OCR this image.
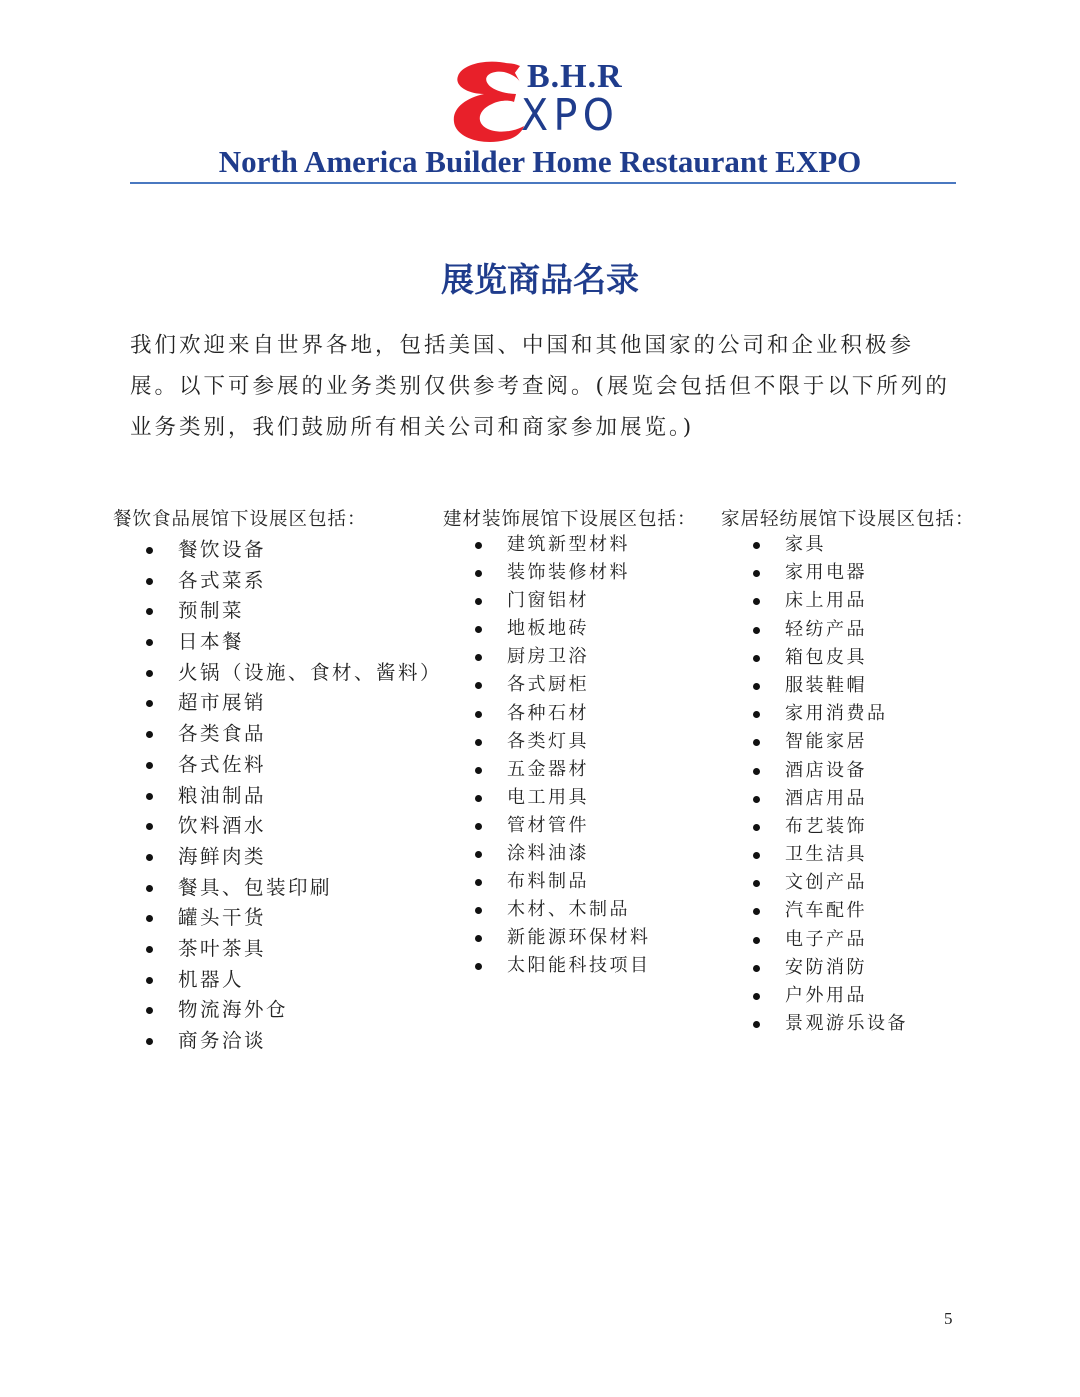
B.H.R
XPO
North America Builder Home Restaurant EXPO
展览商品名录
我们欢迎来自世界各地，包括美国、中国和其他国家的公司和企业积极参展。以下可参展的业务类别仅供参考查阅。(展览会包括但不限于以下所列的业务类别，我们鼓励所有相关公司和商家参加展览。)
餐饮食品展馆下设展区包括：
餐饮设备
各式菜系
预制菜
日本餐
火锅（设施、食材、酱料）
超市展销
各类食品
各式佐料
粮油制品
饮料酒水
海鲜肉类
餐具、包装印刷
罐头干货
茶叶茶具
机器人
物流海外仓
商务洽谈
建材装饰展馆下设展区包括：
建筑新型材料
装饰装修材料
门窗铝材
地板地砖
厨房卫浴
各式厨柜
各种石材
各类灯具
五金器材
电工用具
管材管件
涂料油漆
布料制品
木材、木制品
新能源环保材料
太阳能科技项目
家居轻纺展馆下设展区包括：
家具
家用电器
床上用品
轻纺产品
箱包皮具
服装鞋帽
家用消费品
智能家居
酒店设备
酒店用品
布艺装饰
卫生洁具
文创产品
汽车配件
电子产品
安防消防
户外用品
景观游乐设备
5
